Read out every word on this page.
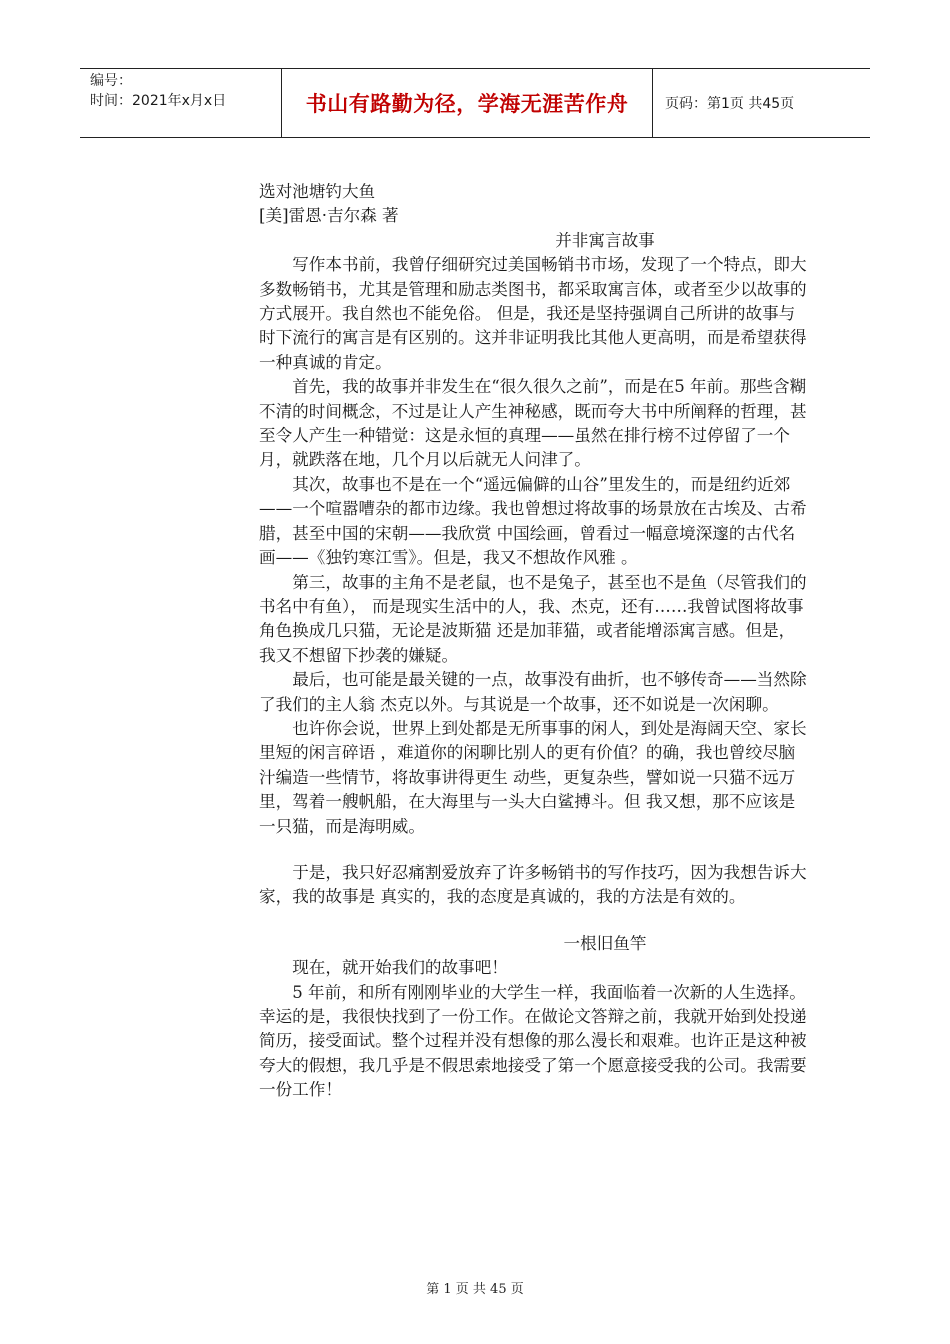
编号：
时间：2021年x月x日	书山有路勤为径，学海无涯苦作舟	页码：第1页 共45页

选对池塘钓大鱼

[美]雷恩·吉尔森 著

并非寓言故事

写作本书前，我曾仔细研究过美国畅销书市场，发现了一个特点，即大多数畅销书，尤其是管理和励志类图书，都采取寓言体，或者至少以故事的方式展开。我自然也不能免俗。 但是，我还是坚持强调自己所讲的故事与时下流行的寓言是有区别的。这并非证明我比其他人更高明，而是希望获得一种真诚的肯定。

首先，我的故事并非发生在“很久很久之前”，而是在5 年前。那些含糊不清的时间概念，不过是让人产生神秘感，既而夸大书中所阐释的哲理，甚至令人产生一种错觉：这是永恒的真理——虽然在排行榜不过停留了一个月，就跌落在地，几个月以后就无人问津了。

其次，故事也不是在一个“遥远偏僻的山谷”里发生的，而是纽约近郊——一个喧嚣嘈杂的都市边缘。我也曾想过将故事的场景放在古埃及、古希腊，甚至中国的宋朝——我欣赏 中国绘画，曾看过一幅意境深邃的古代名画——《独钓寒江雪》。但是，我又不想故作风雅 。

第三，故事的主角不是老鼠，也不是兔子，甚至也不是鱼（尽管我们的书名中有鱼）， 而是现实生活中的人，我、杰克，还有……我曾试图将故事角色换成几只猫，无论是波斯猫 还是加菲猫，或者能增添寓言感。但是，我又不想留下抄袭的嫌疑。

最后，也可能是最关键的一点，故事没有曲折，也不够传奇——当然除了我们的主人翁 杰克以外。与其说是一个故事，还不如说是一次闲聊。

也许你会说，世界上到处都是无所事事的闲人，到处是海阔天空、家长里短的闲言碎语 ，难道你的闲聊比别人的更有价值？的确，我也曾绞尽脑汁编造一些情节，将故事讲得更生 动些，更复杂些，譬如说一只猫不远万里，驾着一艘帆船，在大海里与一头大白鲨搏斗。但 我又想，那不应该是一只猫，而是海明威。

于是，我只好忍痛割爱放弃了许多畅销书的写作技巧，因为我想告诉大家，我的故事是 真实的，我的态度是真诚的，我的方法是有效的。

一根旧鱼竿

现在，就开始我们的故事吧！

5 年前，和所有刚刚毕业的大学生一样，我面临着一次新的人生选择。幸运的是，我很快找到了一份工作。在做论文答辩之前，我就开始到处投递简历，接受面试。整个过程并没有想像的那么漫长和艰难。也许正是这种被夸大的假想，我几乎是不假思索地接受了第一个愿意接受我的公司。我需要一份工作！

第 1 页 共 45 页
